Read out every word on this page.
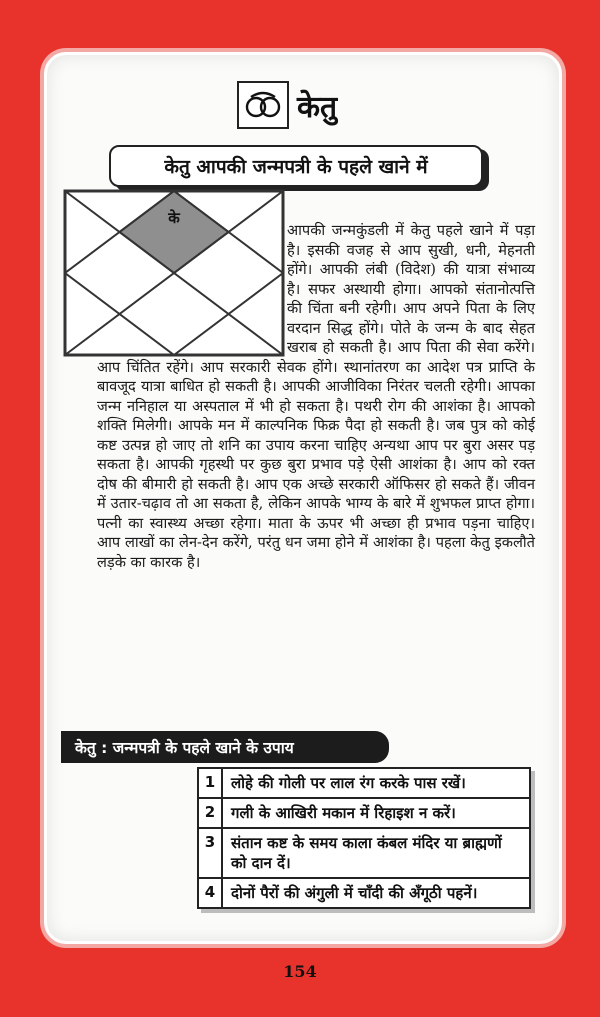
केतु
केतु आपकी जन्मपत्री के पहले खाने में
के

आपकी जन्मकुंडली में केतु पहले खाने में पड़ा है। इसकी वजह से आप सुखी, धनी, मेहनती होंगे। आपकी लंबी (विदेश) की यात्रा संभाव्य है। सफर अस्थायी होगा। आपको संतानोत्पत्ति की चिंता बनी रहेगी। आप अपने पिता के लिए वरदान सिद्ध होंगे। पोते के जन्म के बाद सेहत खराब हो सकती है। आप पिता की सेवा करेंगे। आप चिंतित रहेंगे। आप सरकारी सेवक होंगे। स्थानांतरण का आदेश पत्र प्राप्ति के बावजूद यात्रा बाधित हो सकती है। आपकी आजीविका निरंतर चलती रहेगी। आपका जन्म ननिहाल या अस्पताल में भी हो सकता है। पथरी रोग की आशंका है। आपको शक्ति मिलेगी। आपके मन में काल्पनिक फिक्र पैदा हो सकती है। जब पुत्र को कोई कष्ट उत्पन्न हो जाए तो शनि का उपाय करना चाहिए अन्यथा आप पर बुरा असर पड़ सकता है। आपकी गृहस्थी पर कुछ बुरा प्रभाव पड़े ऐसी आशंका है। आप को रक्त दोष की बीमारी हो सकती है। आप एक अच्छे सरकारी ऑफिसर हो सकते हैं। जीवन में उतार-चढ़ाव तो आ सकता है, लेकिन आपके भाग्य के बारे में शुभफल प्राप्त होगा। पत्नी का स्वास्थ्य अच्छा रहेगा। माता के ऊपर भी अच्छा ही प्रभाव पड़ना चाहिए। आप लाखों का लेन-देन करेंगे, परंतु धन जमा होने में आशंका है। पहला केतु इकलौते लड़के का कारक है।

केतु : जन्मपत्री के पहले खाने के उपाय
1	लोहे की गोली पर लाल रंग करके पास रखें।
2	गली के आखिरी मकान में रिहाइश न करें।
3	संतान कष्ट के समय काला कंबल मंदिर या ब्राह्मणों को दान दें।
4	दोनों पैरों की अंगुली में चाँदी की अँगूठी पहनें।
154
